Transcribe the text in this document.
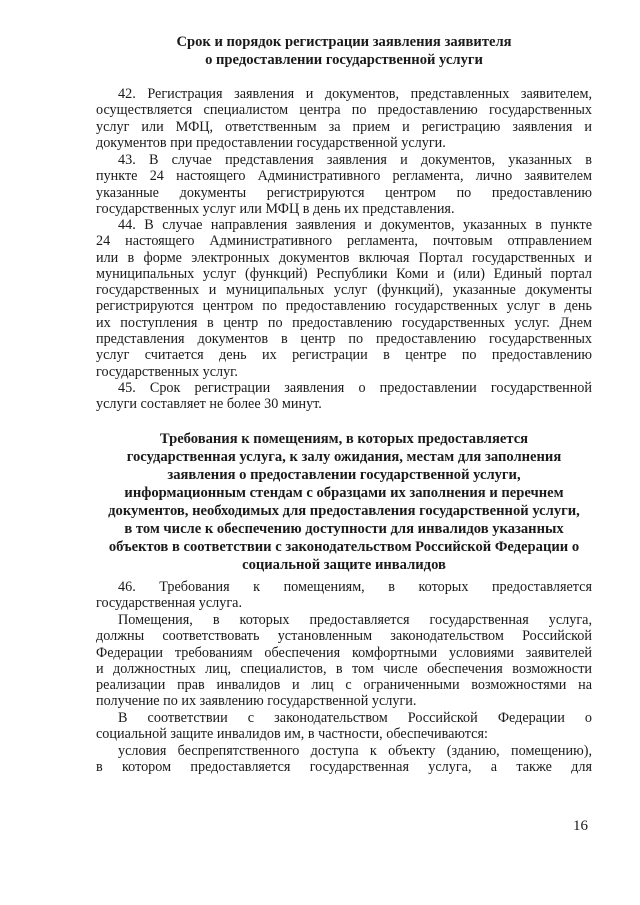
Срок и порядок регистрации заявления заявителя
о предоставлении государственной услуги
42. Регистрация заявления и документов, представленных заявителем,
осуществляется специалистом центра по предоставлению государственных
услуг или МФЦ, ответственным за прием и регистрацию заявления и
документов при предоставлении государственной услуги.
43. В случае представления заявления и документов, указанных в
пункте 24 настоящего Административного регламента, лично заявителем
указанные документы регистрируются центром по предоставлению
государственных услуг или МФЦ в день их представления.
44. В случае направления заявления и документов, указанных в пункте
24 настоящего Административного регламента, почтовым отправлением
или в форме электронных документов включая Портал государственных и
муниципальных услуг (функций) Республики Коми и (или) Единый портал
государственных и муниципальных услуг (функций), указанные документы
регистрируются центром по предоставлению государственных услуг в день
их поступления в центр по предоставлению государственных услуг. Днем
представления документов в центр по предоставлению государственных
услуг считается день их регистрации в центре по предоставлению
государственных услуг.
45. Срок регистрации заявления о предоставлении государственной
услуги составляет не более 30 минут.
Требования к помещениям, в которых предоставляется
государственная услуга, к залу ожидания, местам для заполнения
заявления о предоставлении государственной услуги,
информационным стендам с образцами их заполнения и перечнем
документов, необходимых для предоставления государственной услуги,
в том числе к обеспечению доступности для инвалидов указанных
объектов в соответствии с законодательством Российской Федерации о
социальной защите инвалидов
46. Требования к помещениям, в которых предоставляется
государственная услуга.
Помещения, в которых предоставляется государственная услуга,
должны соответствовать установленным законодательством Российской
Федерации требованиям обеспечения комфортными условиями заявителей
и должностных лиц, специалистов, в том числе обеспечения возможности
реализации прав инвалидов и лиц с ограниченными возможностями на
получение по их заявлению государственной услуги.
В соответствии с законодательством Российской Федерации о
социальной защите инвалидов им, в частности, обеспечиваются:
условия беспрепятственного доступа к объекту (зданию, помещению),
в котором предоставляется государственная услуга, а также для
16
